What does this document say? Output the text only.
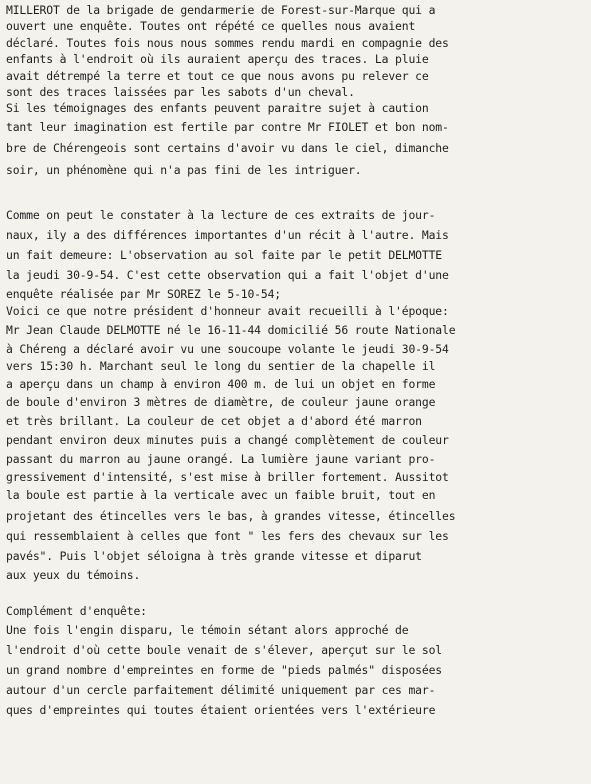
MILLEROT de la brigade de gendarmerie de Forest-sur-Marque qui a
ouvert une enquête. Toutes ont répété ce quelles nous avaient
déclaré. Toutes fois nous nous sommes rendu mardi en compagnie des
enfants à l'endroit où ils auraient aperçu des traces. La pluie
avait détrempé la terre et tout ce que nous avons pu relever ce
sont des traces laissées par les sabots d'un cheval.
Si les témoignages des enfants peuvent paraitre sujet à caution
tant leur imagination est fertile par contre Mr FIOLET et bon nom-
bre de Chérengeois sont certains d'avoir vu dans le ciel, dimanche
soir, un phénomène qui n'a pas fini de les intriguer.
Comme on peut le constater à la lecture de ces extraits de jour-
naux, ily a des différences importantes d'un récit à l'autre. Mais
un fait demeure: L'observation au sol faite par le petit DELMOTTE
la jeudi 30-9-54. C'est cette observation qui a fait l'objet d'une
enquête réalisée par Mr SOREZ le 5-10-54;
Voici ce que notre président d'honneur avait recueilli à l'époque:
Mr Jean Claude DELMOTTE né le 16-11-44 domicilié 56 route Nationale
à Chéreng a déclaré avoir vu une soucoupe volante le jeudi 30-9-54
vers 15:30 h. Marchant seul le long du sentier de la chapelle il
a aperçu dans un champ à environ 400 m. de lui un objet en forme
de boule d'environ 3 mètres de diamètre, de couleur jaune orange
et très brillant. La couleur de cet objet a d'abord été marron
pendant environ deux minutes puis a changé complètement de couleur
passant du marron au jaune orangé. La lumière jaune variant pro-
gressivement d'intensité, s'est mise à briller fortement. Aussitot
la boule est partie à la verticale avec un faible bruit, tout en
projetant des étincelles vers le bas, à grandes vitesse, étincelles
qui ressemblaient à celles que font " les fers des chevaux sur les
pavés". Puis l'objet séloigna à très grande vitesse et diparut
aux yeux du témoins.
Complément d'enquête:
Une fois l'engin disparu, le témoin sétant alors approché de
l'endroit d'où cette boule venait de s'élever, aperçut sur le sol
un grand nombre d'empreintes en forme de "pieds palmés" disposées
autour d'un cercle parfaitement délimité uniquement par ces mar-
ques d'empreintes qui toutes étaient orientées vers l'extérieure
